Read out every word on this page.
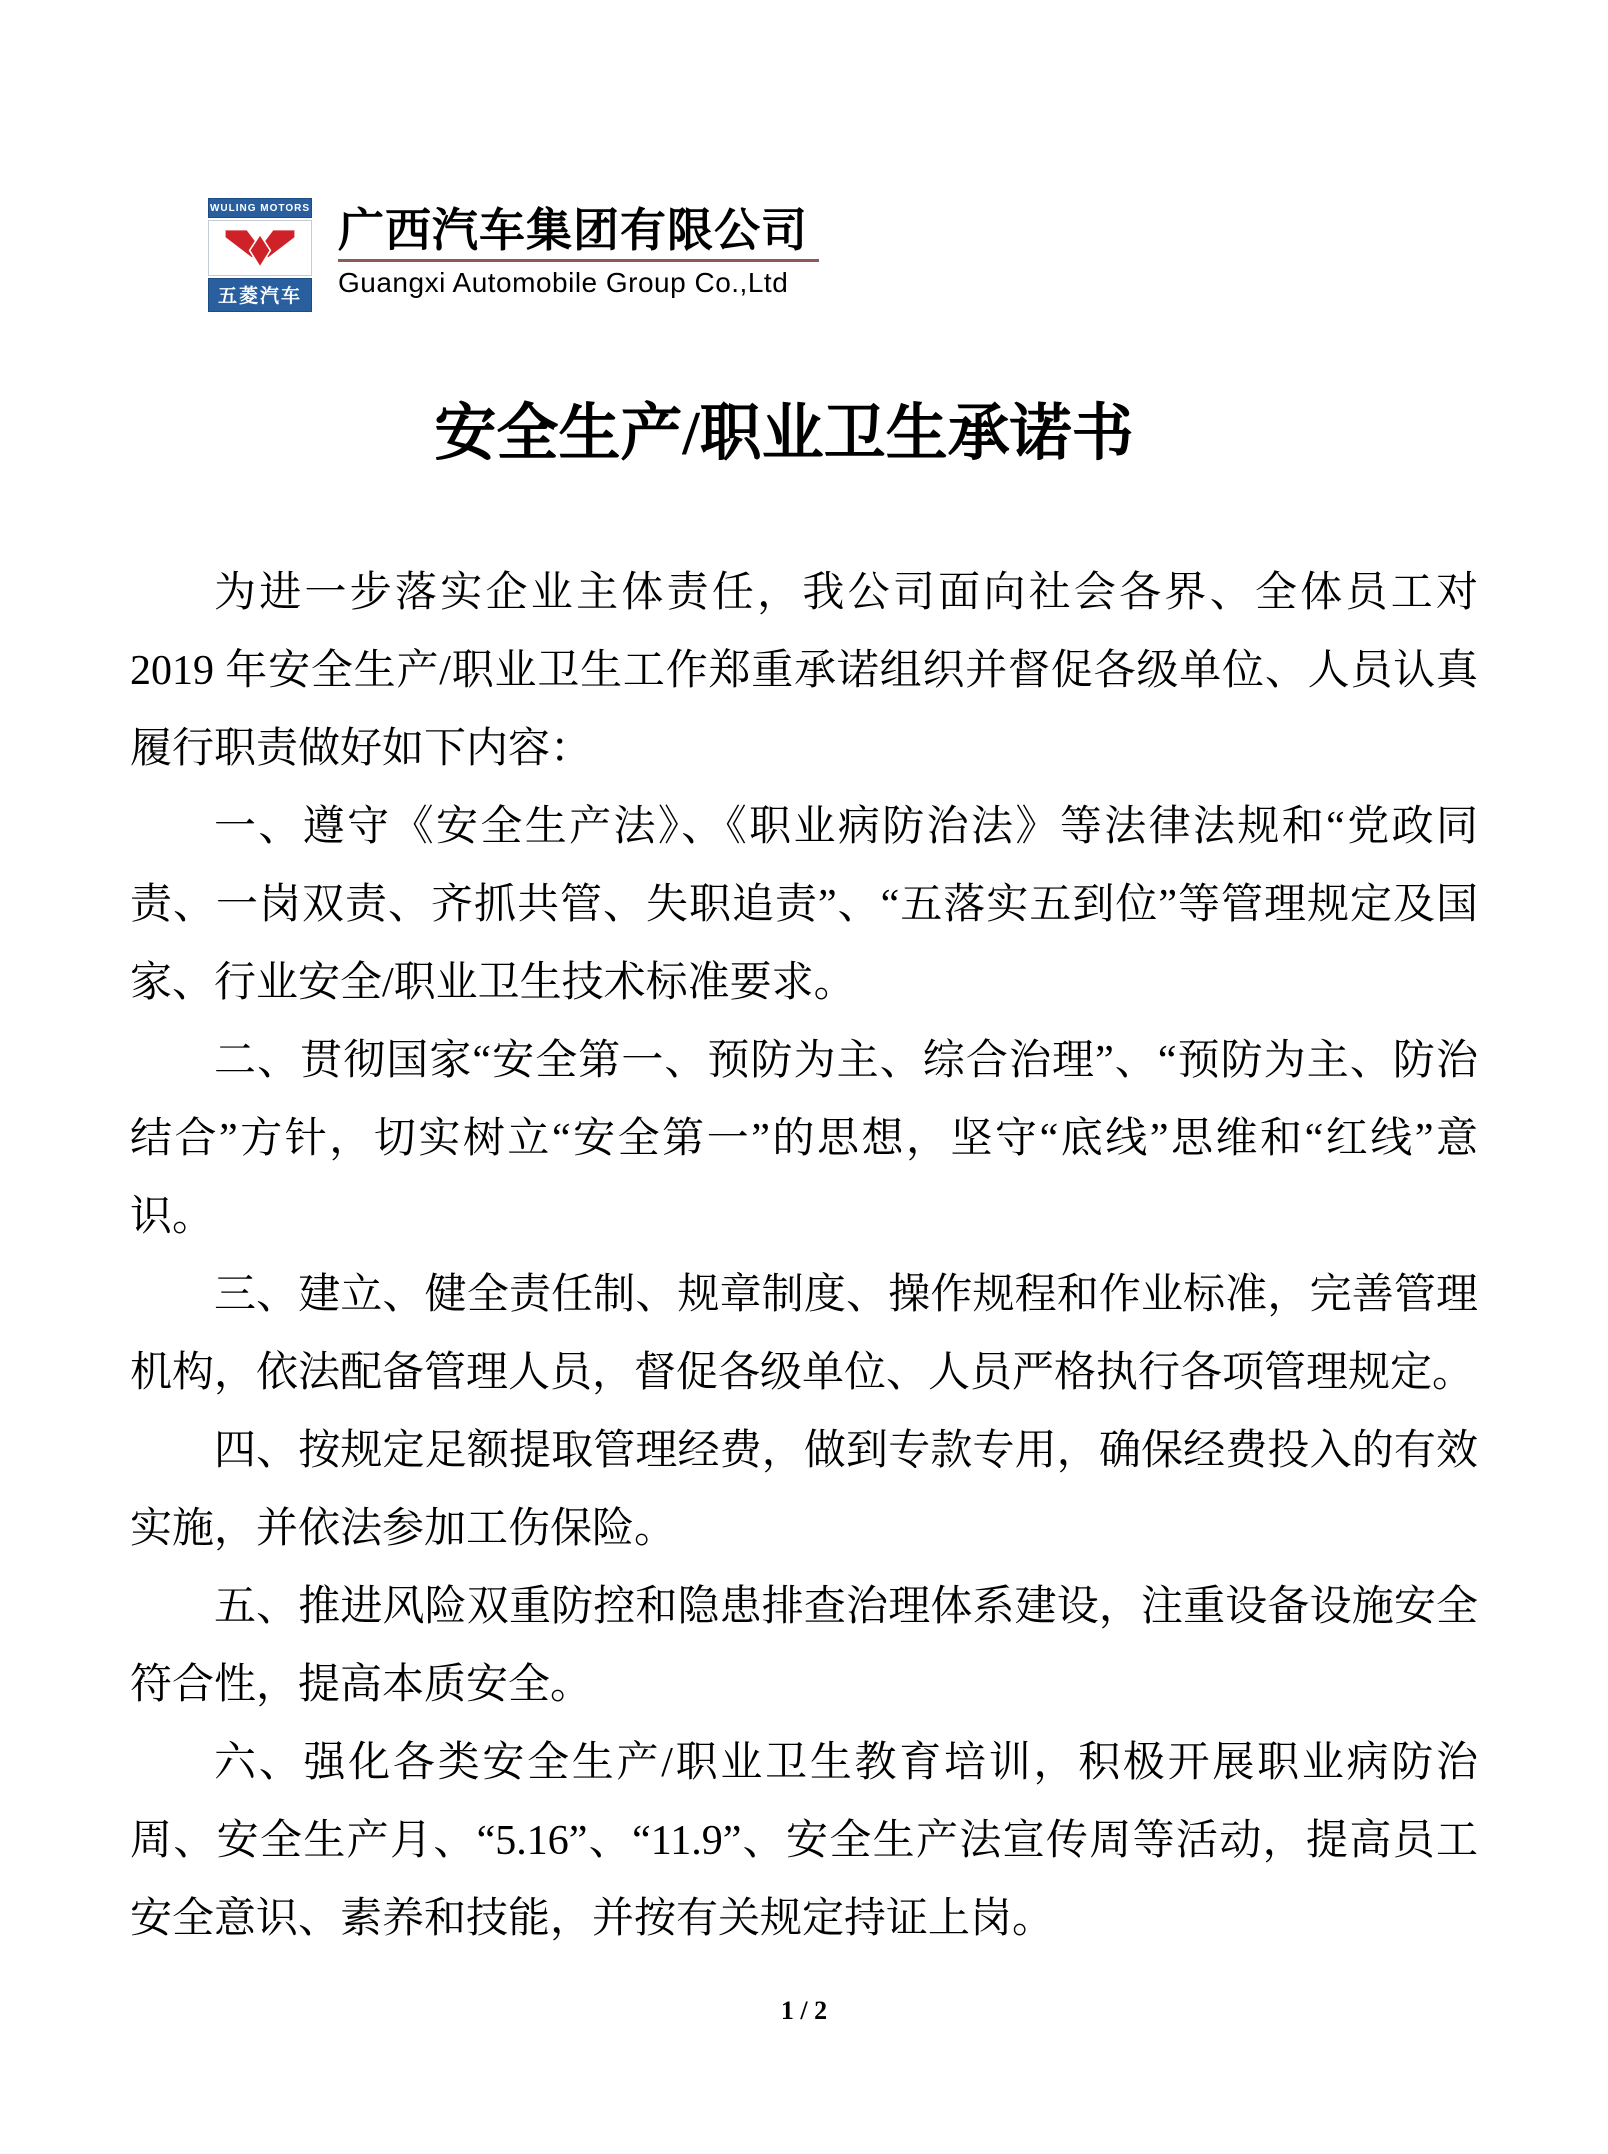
WULING MOTORS
五菱汽车
广西汽车集团有限公司
Guangxi Automobile Group Co.,Ltd
安全生产/职业卫生承诺书

为进一步落实企业主体责任，我公司面向社会各界、全体员工对 2019 年安全生产/职业卫生工作郑重承诺组织并督促各级单位、人员认真履行职责做好如下内容：

一、遵守《安全生产法》、《职业病防治法》等法律法规和“党政同责、一岗双责、齐抓共管、失职追责”、“五落实五到位”等管理规定及国家、行业安全/职业卫生技术标准要求。

二、贯彻国家“安全第一、预防为主、综合治理”、“预防为主、防治结合”方针，切实树立“安全第一”的思想，坚守“底线”思维和“红线”意识。

三、建立、健全责任制、规章制度、操作规程和作业标准，完善管理机构，依法配备管理人员，督促各级单位、人员严格执行各项管理规定。

四、按规定足额提取管理经费，做到专款专用，确保经费投入的有效实施，并依法参加工伤保险。

五、推进风险双重防控和隐患排查治理体系建设，注重设备设施安全符合性，提高本质安全。

六、强化各类安全生产/职业卫生教育培训，积极开展职业病防治周、安全生产月、“5.16”、“11.9”、安全生产法宣传周等活动，提高员工安全意识、素养和技能，并按有关规定持证上岗。

1 / 2
